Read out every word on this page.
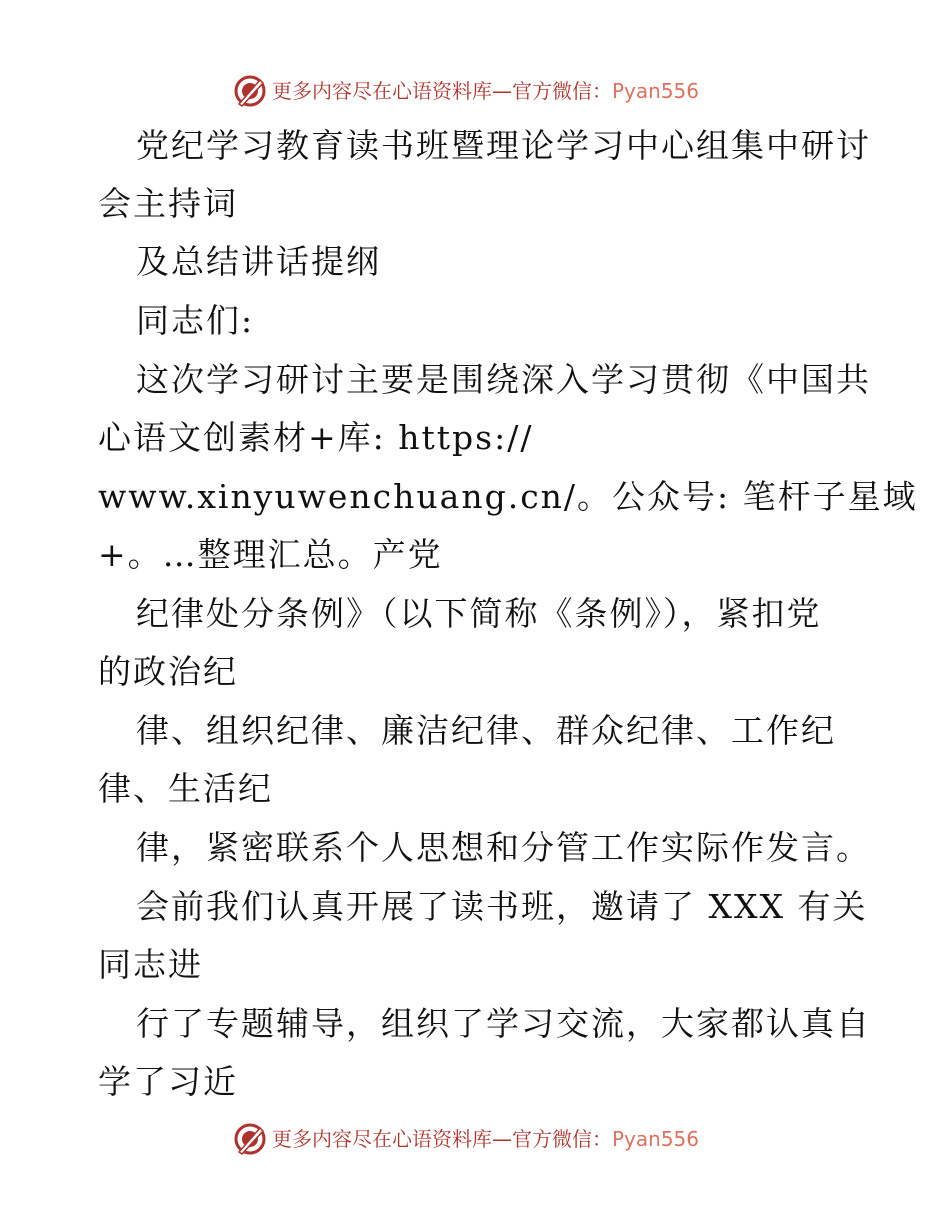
更多内容尽在心语资料库—官方微信：Pyan556

党纪学习教育读书班暨理论学习中心组集中研讨

会主持词

及总结讲话提纲

同志们:

这次学习研讨主要是围绕深入学习贯彻《中国共

心语文创素材+库: https://

www.xinyuwenchuang.cn/。公众号: 笔杆子星域

+。…整理汇总。产党

纪律处分条例》（以下简称《条例》），紧扣党

的政治纪

律、组织纪律、廉洁纪律、群众纪律、工作纪

律、生活纪

律，紧密联系个人思想和分管工作实际作发言。

会前我们认真开展了读书班，邀请了 XXX 有关

同志进

行了专题辅导，组织了学习交流，大家都认真自

学了习近

更多内容尽在心语资料库—官方微信：Pyan556
